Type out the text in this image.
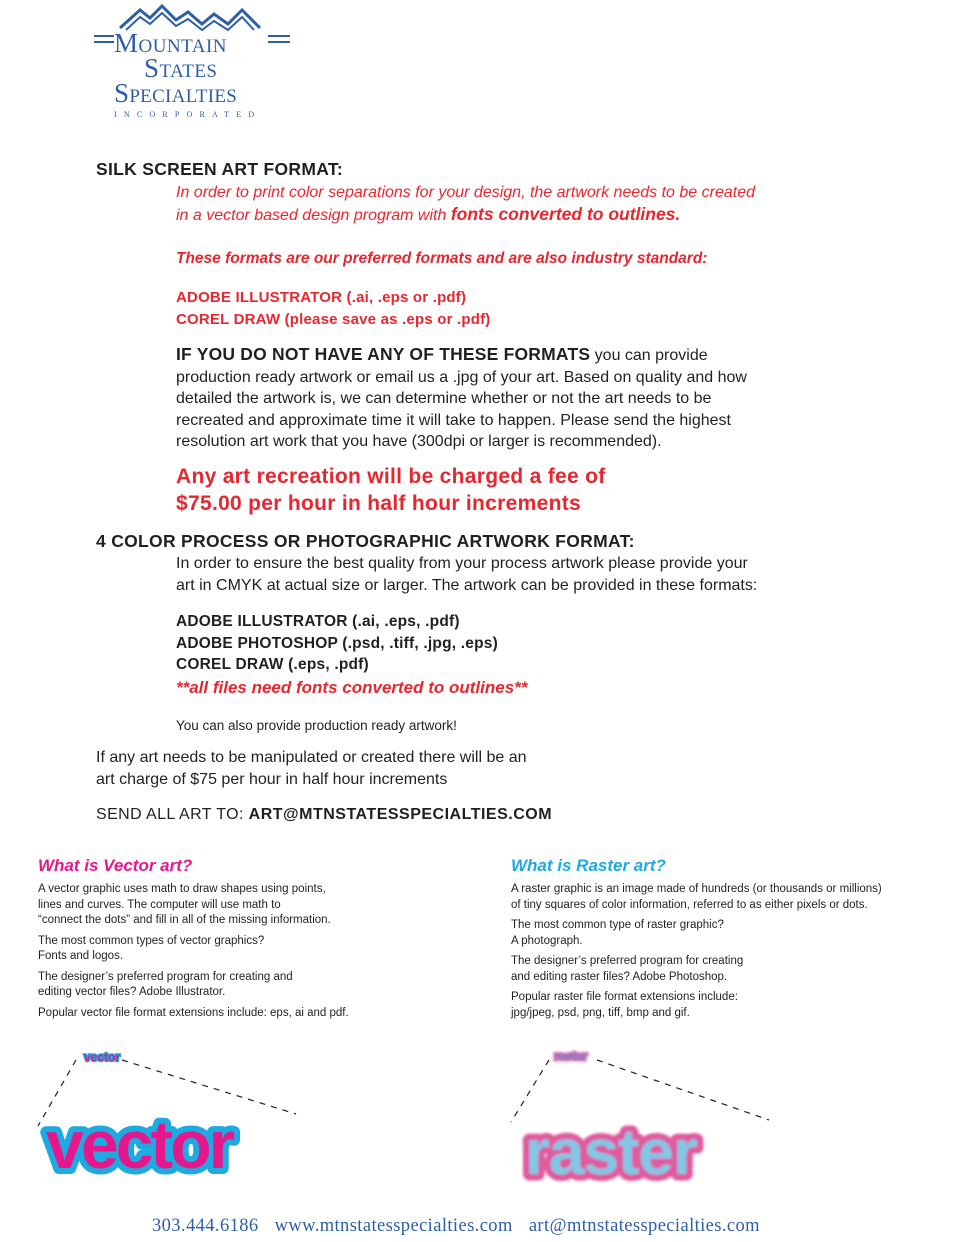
Mountain
States
Specialties
INCORPORATED
SILK SCREEN ART FORMAT:
In order to print color separations for your design, the artwork needs to be created
in a vector based design program with fonts converted to outlines.
These formats are our preferred formats and are also industry standard:
ADOBE ILLUSTRATOR (.ai, .eps or .pdf)
COREL DRAW (please save as .eps or .pdf)
IF YOU DO NOT HAVE ANY OF THESE FORMATS you can provide
production ready artwork or email us a .jpg of your art. Based on quality and how
detailed the artwork is, we can determine whether or not the art needs to be
recreated and approximate time it will take to happen. Please send the highest
resolution art work that you have (300dpi or larger is recommended).
Any art recreation will be charged a fee of
$75.00 per hour in half hour increments
4 COLOR PROCESS OR PHOTOGRAPHIC ARTWORK FORMAT:
In order to ensure the best quality from your process artwork please provide your
art in CMYK at actual size or larger. The artwork can be provided in these formats:
ADOBE ILLUSTRATOR (.ai, .eps, .pdf)
ADOBE PHOTOSHOP (.psd, .tiff, .jpg, .eps)
COREL DRAW (.eps, .pdf)
**all files need fonts converted to outlines**
You can also provide production ready artwork!
If any art needs to be manipulated or created there will be an
art charge of $75 per hour in half hour increments
SEND ALL ART TO: ART@MTNSTATESSPECIALTIES.COM
What is Vector art?

A vector graphic uses math to draw shapes using points,
lines and curves. The computer will use math to
“connect the dots” and fill in all of the missing information.

The most common types of vector graphics?
Fonts and logos.

The designer’s preferred program for creating and
editing vector files? Adobe Illustrator.

Popular vector file format extensions include: eps, ai and pdf.

What is Raster art?

A raster graphic is an image made of hundreds (or thousands or millions)
of tiny squares of color information, referred to as either pixels or dots.

The most common type of raster graphic?
A photograph.

The designer’s preferred program for creating
and editing raster files? Adobe Photoshop.

Popular raster file format extensions include:
jpg/jpeg, psd, png, tiff, bmp and gif.

vector
vector
raster
raster
303.444.6186 www.mtnstatesspecialties.com art@mtnstatesspecialties.com
